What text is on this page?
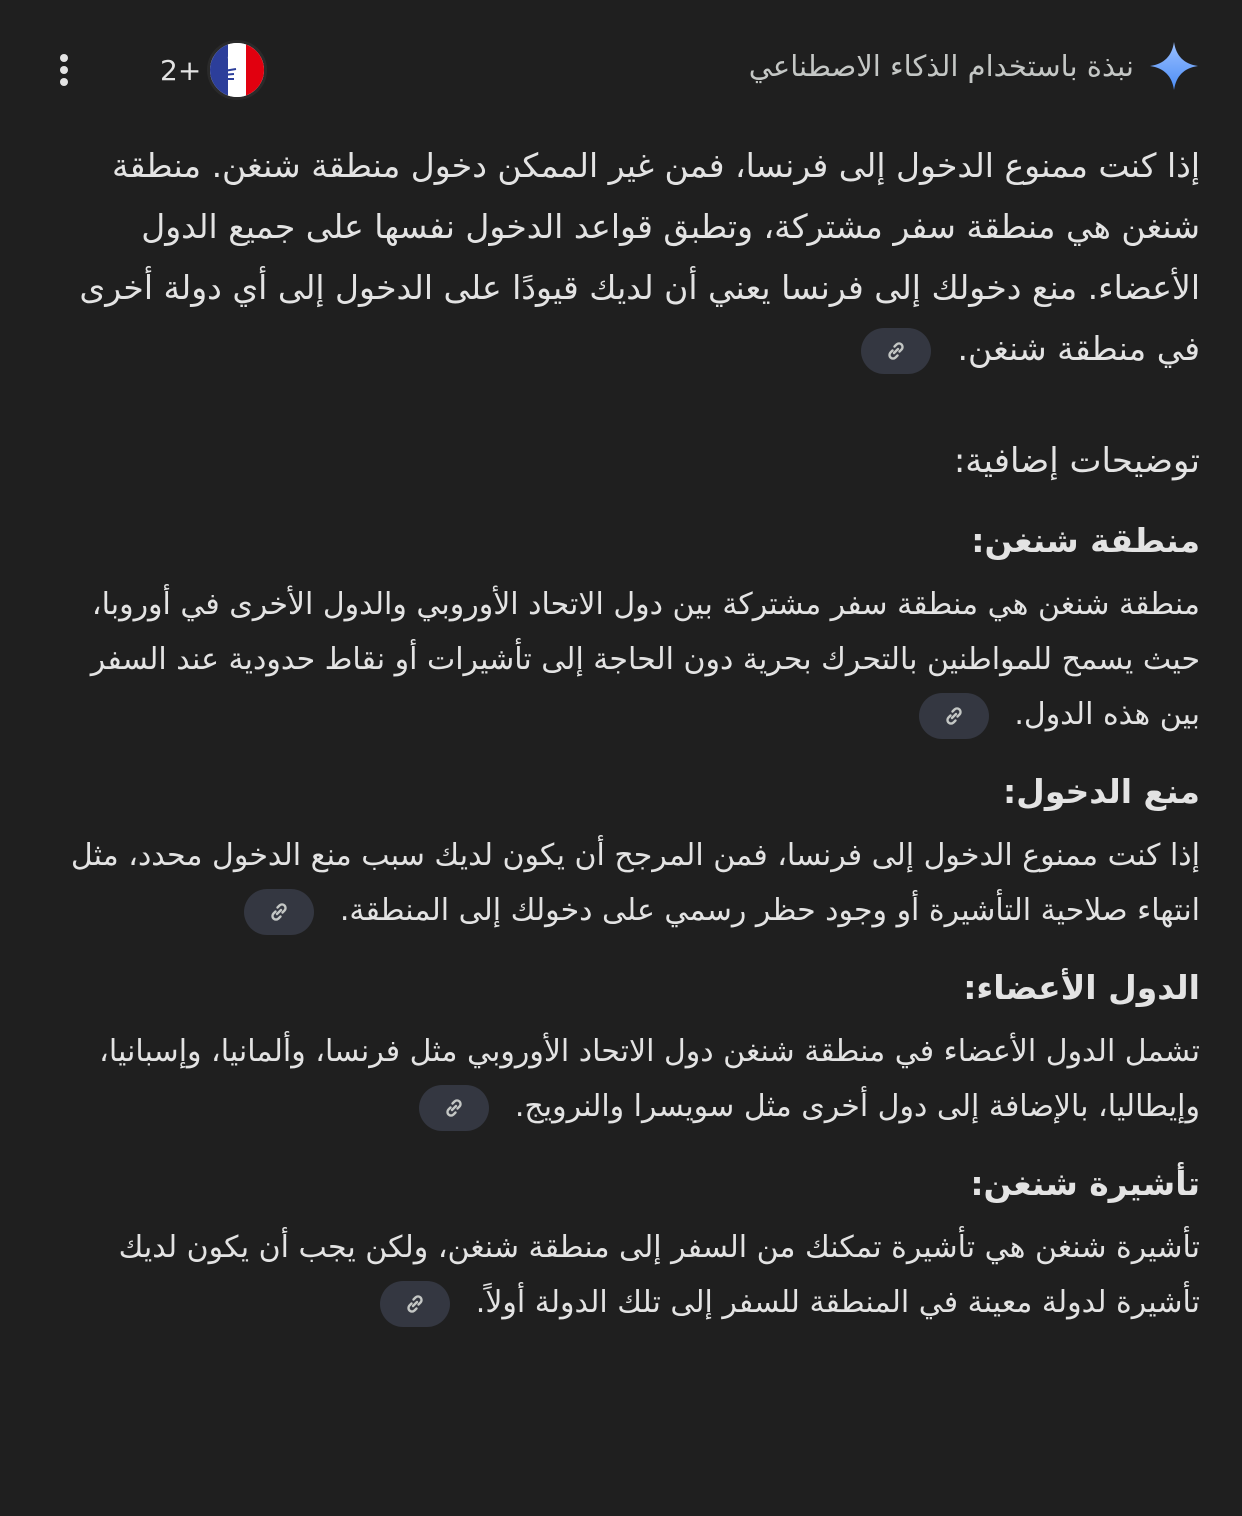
نبذة باستخدام الذكاء الاصطناعي
2+

إذا كنت ممنوع الدخول إلى فرنسا، فمن غير الممكن دخول منطقة شنغن. منطقة شنغن هي منطقة سفر مشتركة، وتطبق قواعد الدخول نفسها على جميع الدول الأعضاء. منع دخولك إلى فرنسا يعني أن لديك قيودًا على الدخول إلى أي دولة أخرى في منطقة شنغن.

توضيحات إضافية:
منطقة شنغن:

منطقة شنغن هي منطقة سفر مشتركة بين دول الاتحاد الأوروبي والدول الأخرى في أوروبا، حيث يسمح للمواطنين بالتحرك بحرية دون الحاجة إلى تأشيرات أو نقاط حدودية عند السفر بين هذه الدول.

منع الدخول:

إذا كنت ممنوع الدخول إلى فرنسا، فمن المرجح أن يكون لديك سبب منع الدخول محدد، مثل انتهاء صلاحية التأشيرة أو وجود حظر رسمي على دخولك إلى المنطقة.

الدول الأعضاء:

تشمل الدول الأعضاء في منطقة شنغن دول الاتحاد الأوروبي مثل فرنسا، وألمانيا، وإسبانيا، وإيطاليا، بالإضافة إلى دول أخرى مثل سويسرا والنرويج.

تأشيرة شنغن:

تأشيرة شنغن هي تأشيرة تمكنك من السفر إلى منطقة شنغن، ولكن يجب أن يكون لديك تأشيرة لدولة معينة في المنطقة للسفر إلى تلك الدولة أولاً.
